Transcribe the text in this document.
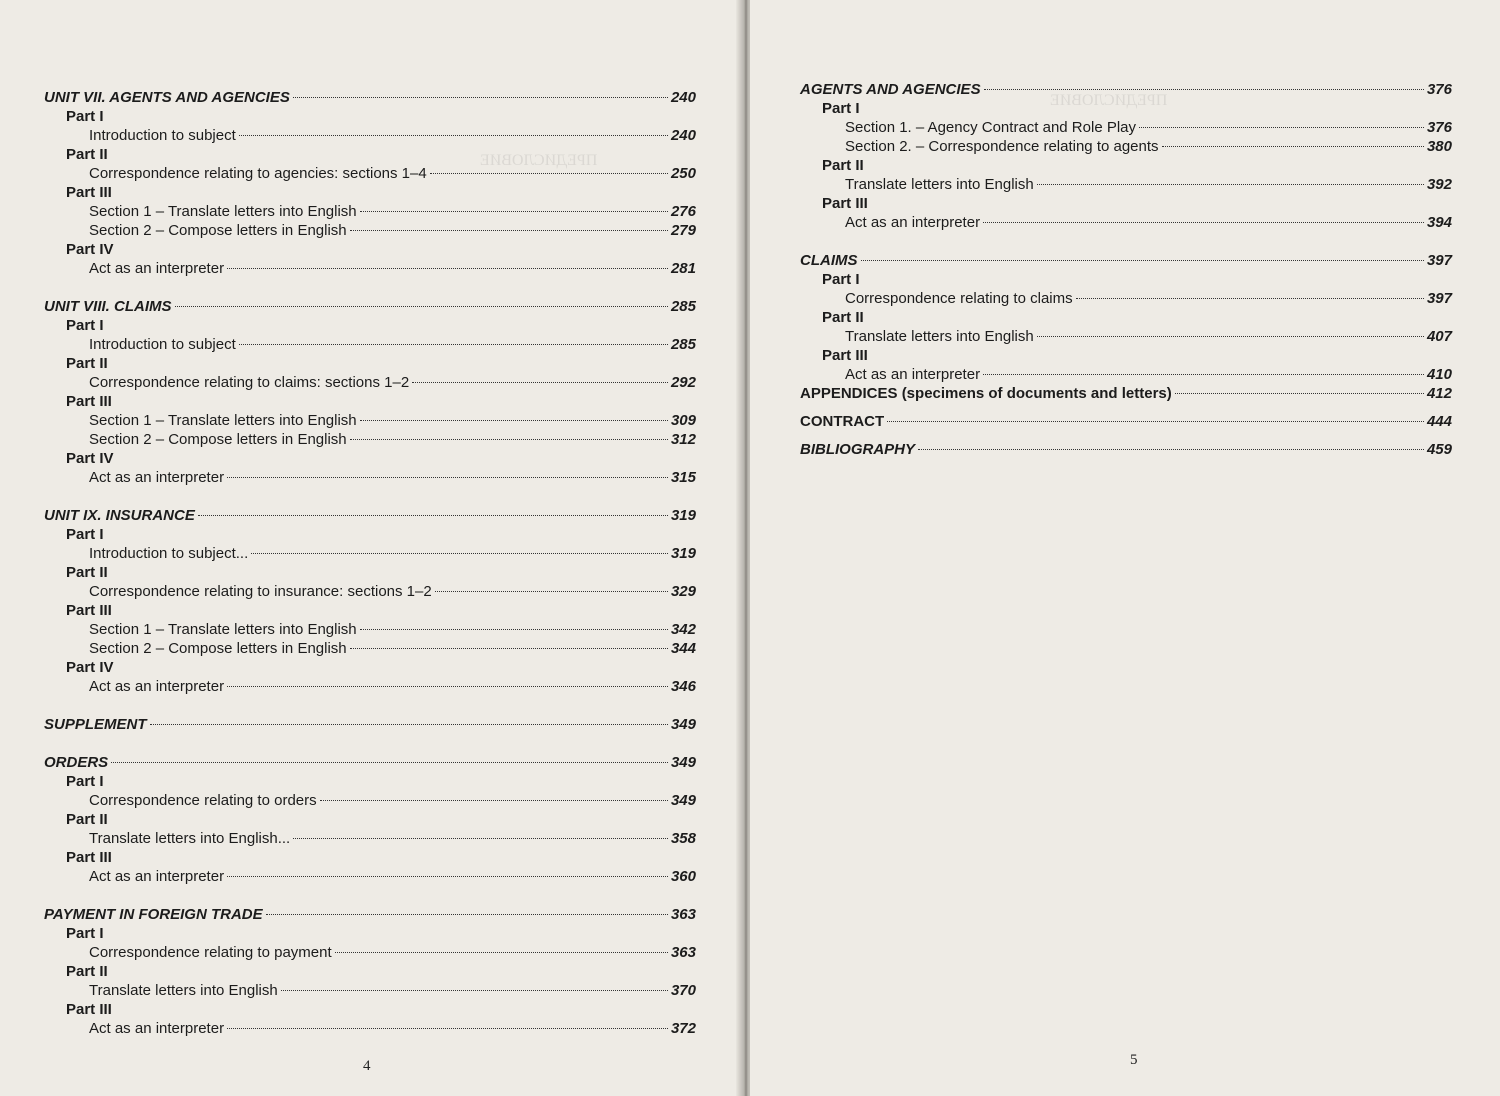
ПРЕДИСЛОВИЕ
UNIT VII. AGENTS AND AGENCIES	240
Part I
Introduction to subject	240
Part II
Correspondence relating to agencies: sections 1–4	250
Part III
Section 1 – Translate letters into English	276
Section 2 – Compose letters in English	279
Part IV
Act as an interpreter	281
UNIT VIII. CLAIMS	285
Part I
Introduction to subject	285
Part II
Correspondence relating to claims: sections 1–2	292
Part III
Section 1 – Translate letters into English	309
Section 2 – Compose letters in English	312
Part IV
Act as an interpreter	315
UNIT IX. INSURANCE	319
Part I
Introduction to subject...	319
Part II
Correspondence relating to insurance: sections 1–2	329
Part III
Section 1 – Translate letters into English	342
Section 2 – Compose letters in English	344
Part IV
Act as an interpreter	346
SUPPLEMENT	349
ORDERS	349
Part I
Correspondence relating to orders	349
Part II
Translate letters into English...	358
Part III
Act as an interpreter	360
PAYMENT IN FOREIGN TRADE	363
Part I
Correspondence relating to payment	363
Part II
Translate letters into English	370
Part III
Act as an interpreter	372
4
ПРЕДИСЛОВИЕ
AGENTS AND AGENCIES	376
Part I
Section 1. – Agency Contract and Role Play	376
Section 2. – Correspondence relating to agents	380
Part II
Translate letters into English	392
Part III
Act as an interpreter	394
CLAIMS	397
Part I
Correspondence relating to claims	397
Part II
Translate letters into English	407
Part III
Act as an interpreter	410
APPENDICES (specimens of documents and letters)	412
CONTRACT	444
BIBLIOGRAPHY	459
5
